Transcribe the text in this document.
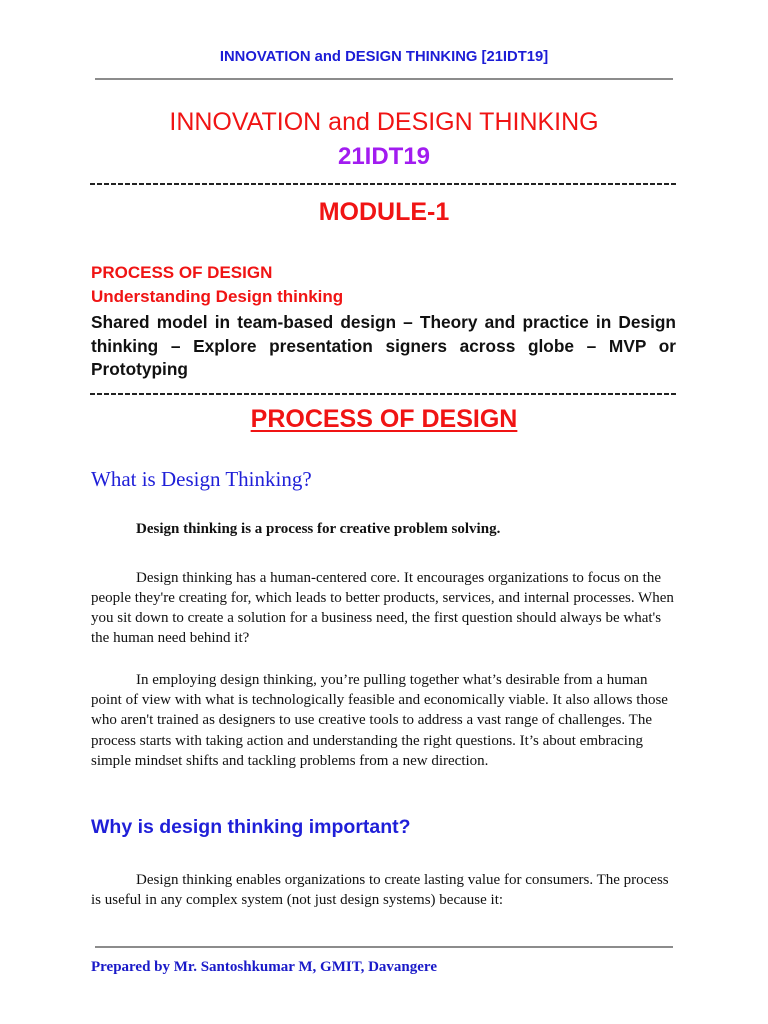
INNOVATION and DESIGN THINKING [21IDT19]
INNOVATION and DESIGN THINKING
21IDT19
MODULE-1
PROCESS OF DESIGN
Understanding Design thinking
Shared model in team-based design – Theory and practice in Design
thinking – Explore presentation signers across globe – MVP or
Prototyping
PROCESS OF DESIGN
What is Design Thinking?
Design thinking is a process for creative problem solving.
Design thinking has a human-centered core. It encourages organizations to focus on the
people they're creating for, which leads to better products, services, and internal processes. When
you sit down to create a solution for a business need, the first question should always be what's
the human need behind it?
In employing design thinking, you’re pulling together what’s desirable from a human
point of view with what is technologically feasible and economically viable. It also allows those
who aren't trained as designers to use creative tools to address a vast range of challenges. The
process starts with taking action and understanding the right questions. It’s about embracing
simple mindset shifts and tackling problems from a new direction.
Why is design thinking important?
Design thinking enables organizations to create lasting value for consumers. The process
is useful in any complex system (not just design systems) because it:
Prepared by Mr. Santoshkumar M, GMIT, Davangere
